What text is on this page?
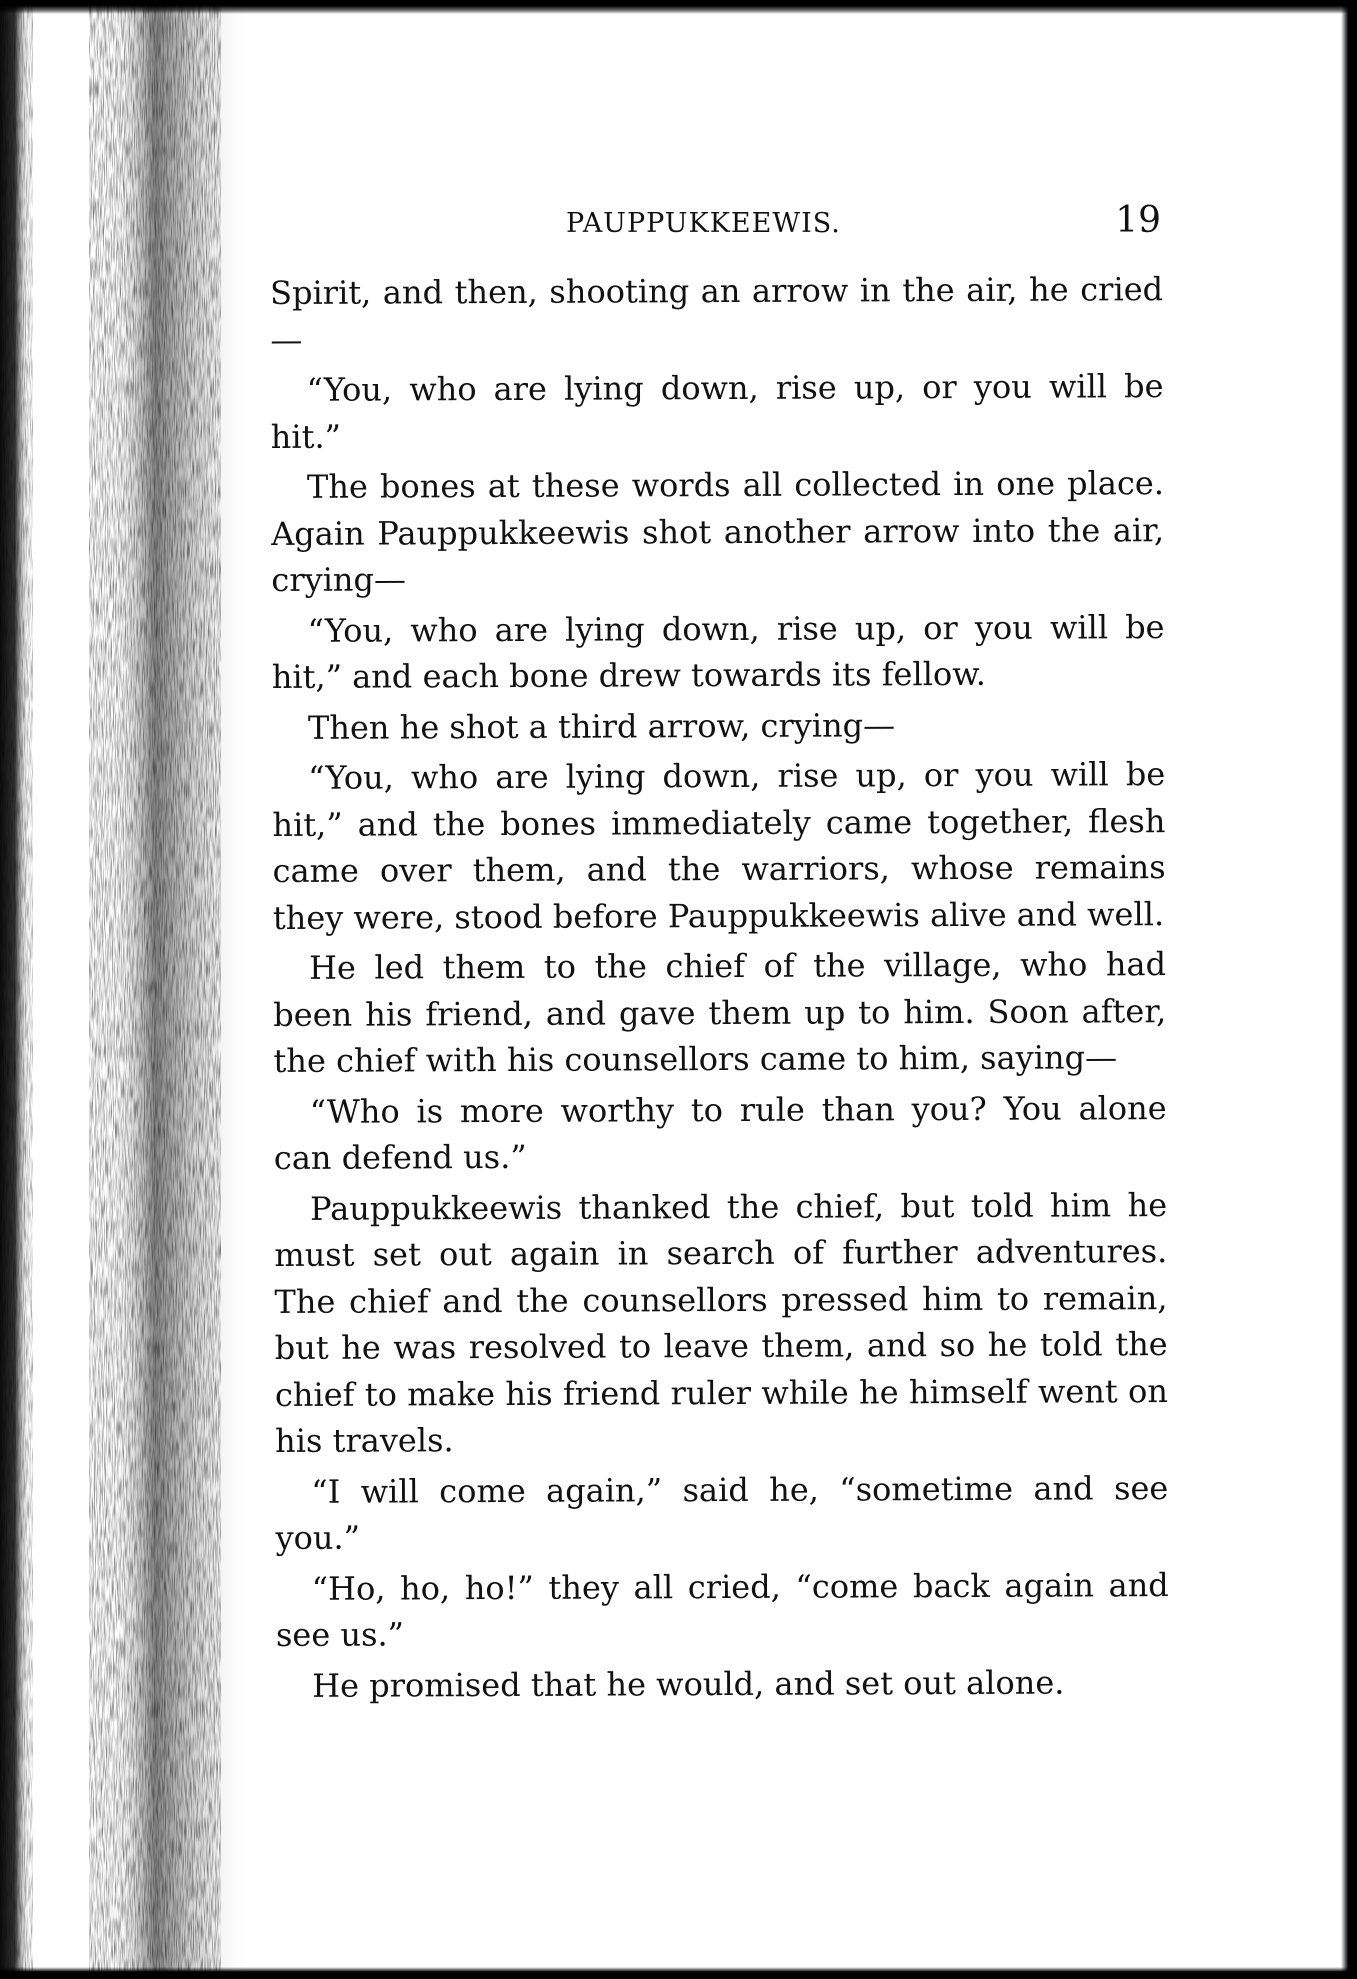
PAUPPUKKEEWIS.	19

Spirit, and then, shooting an arrow in the air, he cried—

“You, who are lying down, rise up, or you will be hit.”

The bones at these words all collected in one place. Again Pauppukkeewis shot another arrow into the air, crying—

“You, who are lying down, rise up, or you will be hit,” and each bone drew towards its fellow.

Then he shot a third arrow, crying—

“You, who are lying down, rise up, or you will be hit,” and the bones immediately came together, flesh came over them, and the warriors, whose remains they were, stood before Pauppukkeewis alive and well.

He led them to the chief of the village, who had been his friend, and gave them up to him. Soon after, the chief with his counsellors came to him, saying—

“Who is more worthy to rule than you? You alone can defend us.”

Pauppukkeewis thanked the chief, but told him he must set out again in search of further adventures. The chief and the counsellors pressed him to remain, but he was resolved to leave them, and so he told the chief to make his friend ruler while he himself went on his travels.

“I will come again,” said he, “sometime and see you.”

“Ho, ho, ho!” they all cried, “come back again and see us.”

He promised that he would, and set out alone.
